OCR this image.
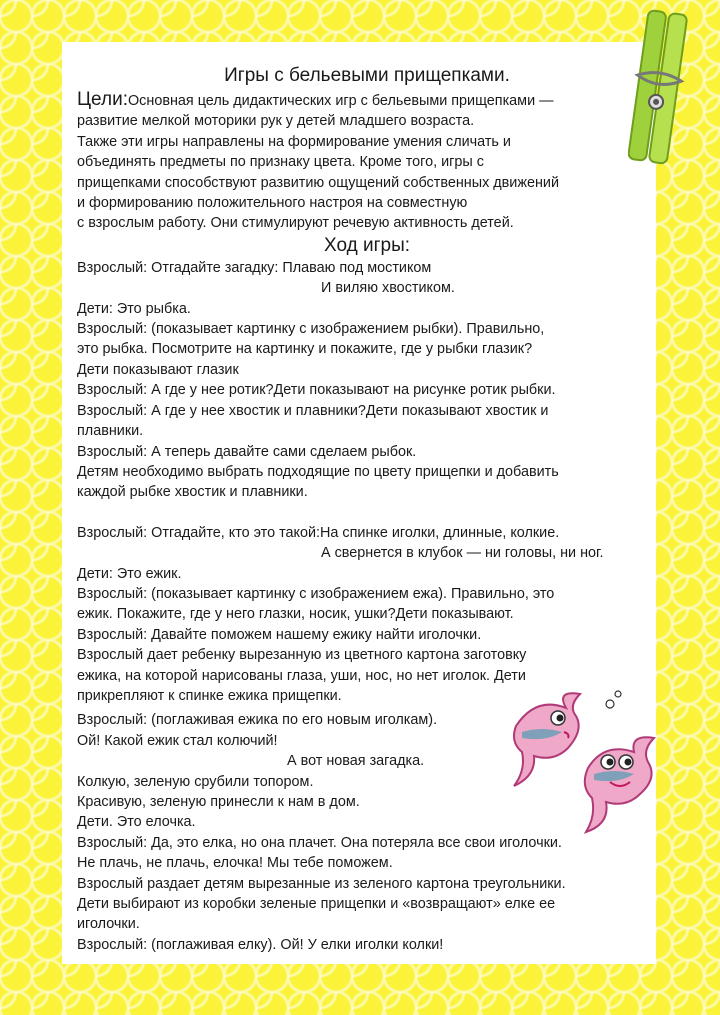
Игры с бельевыми прищепками.

Цели:Основная цель дидактических игр с бельевыми прищепками —

развитие мелкой моторики рук у детей младшего возраста.

Также эти игры направлены на формирование умения сличать и

объединять предметы по признаку цвета. Кроме того, игры с

прищепками способствуют развитию ощущений собственных движений

и формированию положительного настроя на совместную

с взрослым работу. Они стимулируют речевую активность детей.

Ход игры:

Взрослый: Отгадайте загадку: Плаваю под мостиком

И виляю хвостиком.

Дети: Это рыбка.

Взрослый: (показывает картинку с изображением рыбки). Правильно,

это рыбка. Посмотрите на картинку и покажите, где у рыбки глазик?

Дети показывают глазик

Взрослый: А где у нее ротик?Дети показывают на рисунке ротик рыбки.

Взрослый: А где у нее хвостик и плавники?Дети показывают хвостик и

плавники.

Взрослый: А теперь давайте сами сделаем рыбок.

Детям необходимо выбрать подходящие по цвету прищепки и добавить

каждой рыбке хвостик и плавники.

Взрослый: Отгадайте, кто это такой:На спинке иголки, длинные, колкие.

А свернется в клубок — ни головы, ни ног.

Дети: Это ежик.

Взрослый: (показывает картинку с изображением ежа). Правильно, это

ежик. Покажите, где у него глазки, носик, ушки?Дети показывают.

Взрослый: Давайте поможем нашему ежику найти иголочки.

Взрослый дает ребенку вырезанную из цветного картона заготовку

ежика, на которой нарисованы глаза, уши, нос, но нет иголок. Дети

прикрепляют к спинке ежика прищепки.

Взрослый: (поглаживая ежика по его новым иголкам).

Ой! Какой ежик стал колючий!

А вот новая загадка.

Колкую, зеленую срубили топором.

Красивую, зеленую принесли к нам в дом.

Дети. Это елочка.

Взрослый: Да, это елка, но она плачет. Она потеряла все свои иголочки.

Не плачь, не плачь, елочка! Мы тебе поможем.

Взрослый раздает детям вырезанные из зеленого картона треугольники.

Дети выбирают из коробки зеленые прищепки и «возвращают» елке ее

иголочки.

Взрослый: (поглаживая елку). Ой! У елки иголки колки!
